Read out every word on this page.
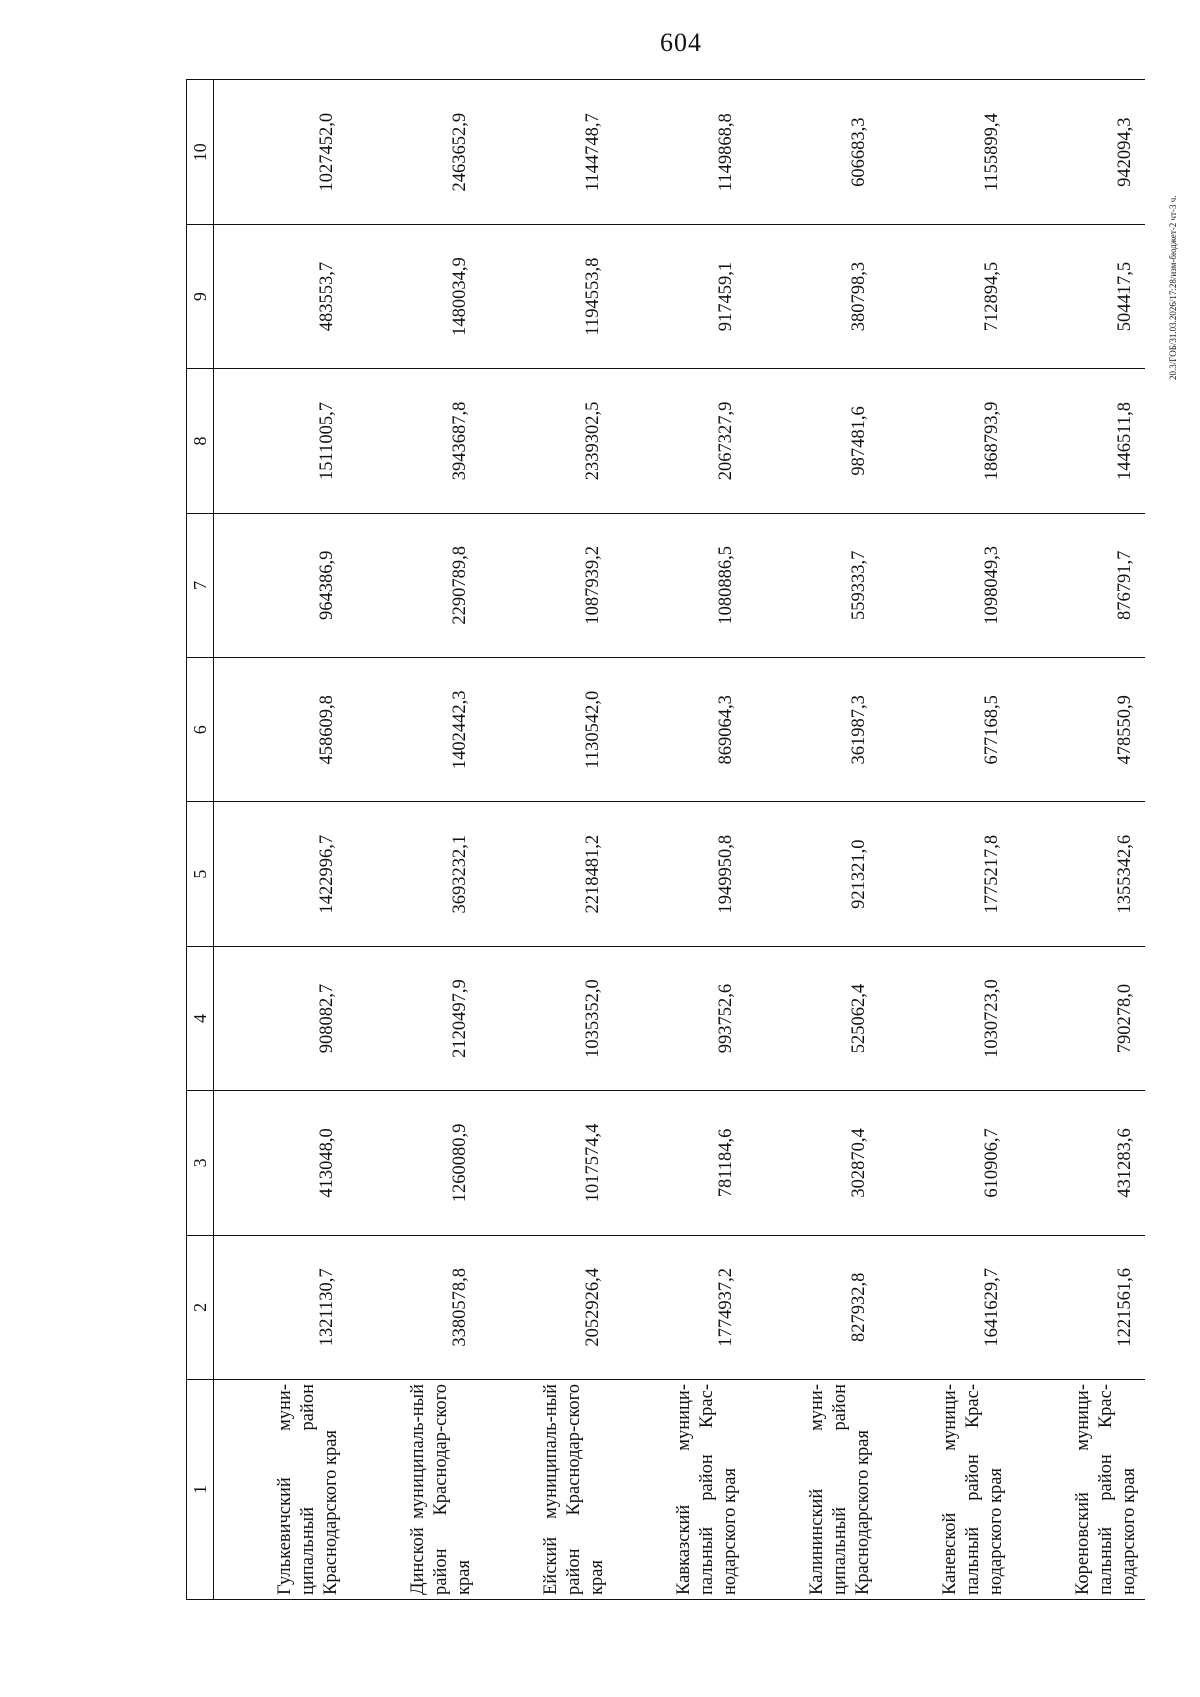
604
20.3/ГОБ/31.03.2026/17:28/изм-бюджет-2 чт-3 ч.
1	2	3	4	5	6	7	8	9	10
Гулькевичский муни-ципальный район Краснодарского края	1321130,7	413048,0	908082,7	1422996,7	458609,8	964386,9	1511005,7	483553,7	1027452,0
Динской муниципаль-ный район Краснодар-ского края	3380578,8	1260080,9	2120497,9	3693232,1	1402442,3	2290789,8	3943687,8	1480034,9	2463652,9
Ейский муниципаль-ный район Краснодар-ского края	2052926,4	1017574,4	1035352,0	2218481,2	1130542,0	1087939,2	2339302,5	1194553,8	1144748,7
Кавказский муници-пальный район Крас-нодарского края	1774937,2	781184,6	993752,6	1949950,8	869064,3	1080886,5	2067327,9	917459,1	1149868,8
Калининский муни-ципальный район Краснодарского края	827932,8	302870,4	525062,4	921321,0	361987,3	559333,7	987481,6	380798,3	606683,3
Каневской муници-пальный район Крас-нодарского края	1641629,7	610906,7	1030723,0	1775217,8	677168,5	1098049,3	1868793,9	712894,5	1155899,4
Кореновский муници-пальный район Крас-нодарского края	1221561,6	431283,6	790278,0	1355342,6	478550,9	876791,7	1446511,8	504417,5	942094,3
